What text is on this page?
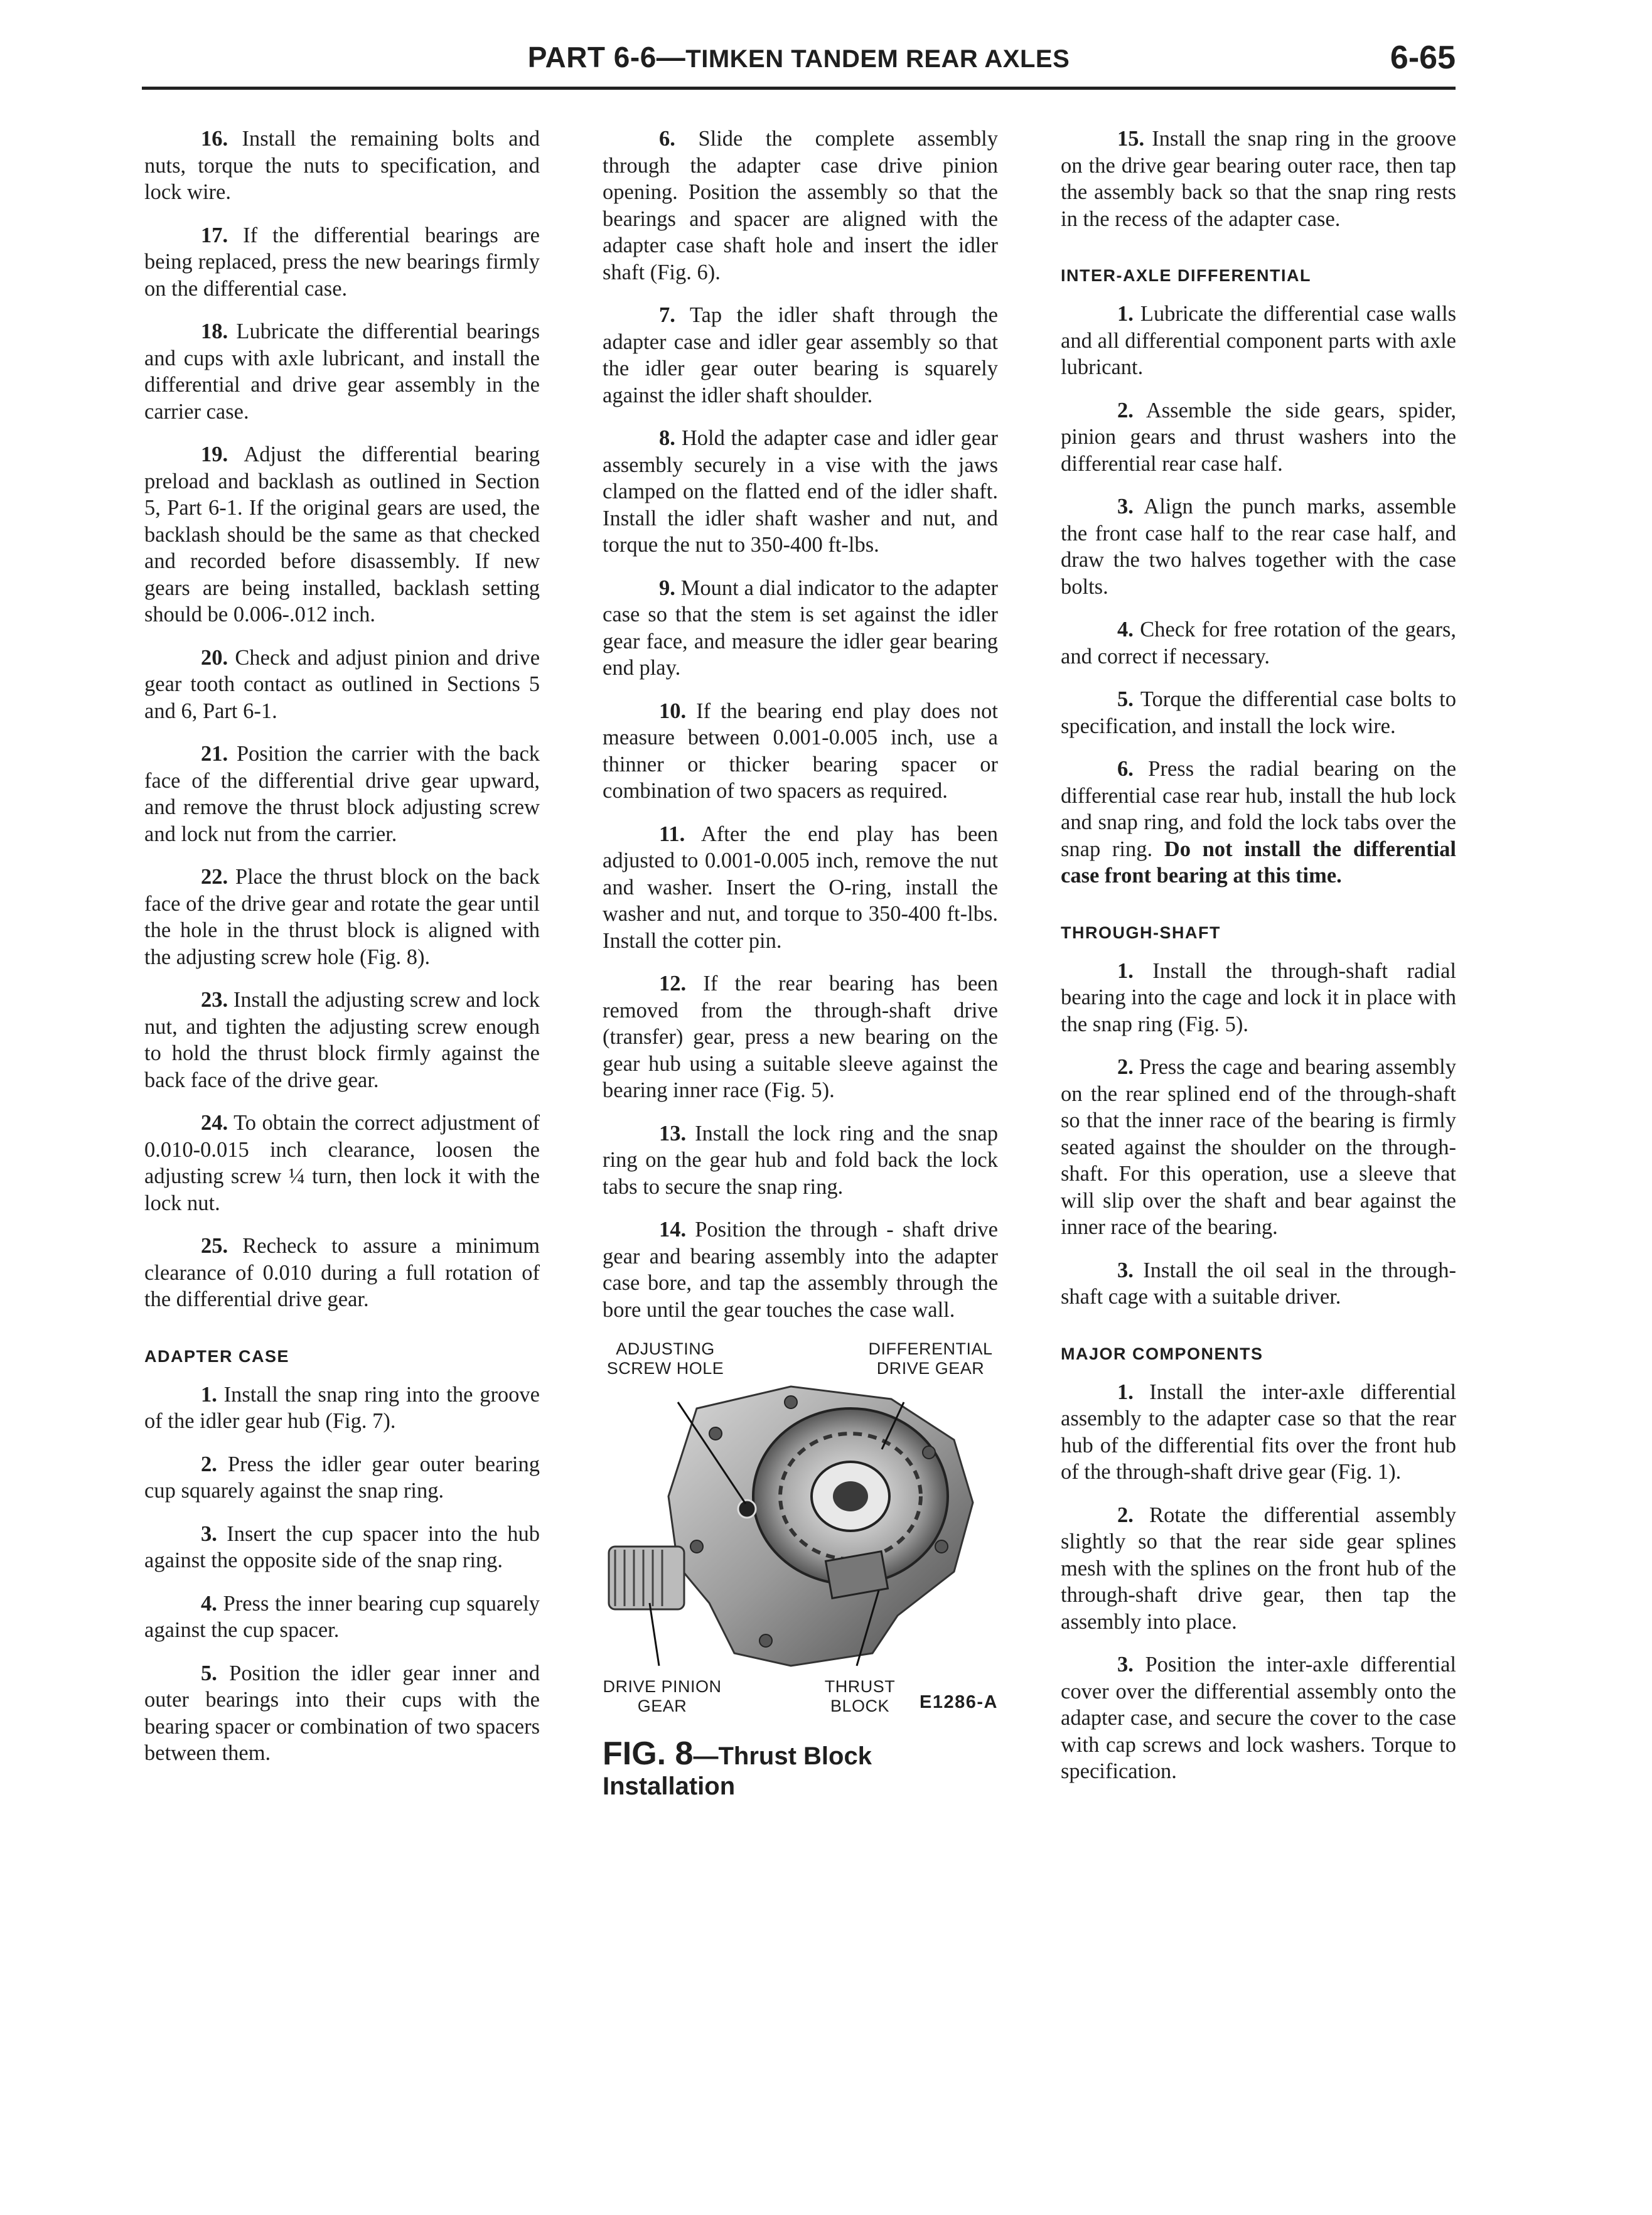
PART 6-6—TIMKEN TANDEM REAR AXLES	6-65

16. Install the remaining bolts and nuts, torque the nuts to specification, and lock wire.

17. If the differential bearings are being replaced, press the new bearings firmly on the differential case.

18. Lubricate the differential bearings and cups with axle lubricant, and install the differential and drive gear assembly in the carrier case.

19. Adjust the differential bearing preload and backlash as outlined in Section 5, Part 6-1. If the original gears are used, the backlash should be the same as that checked and recorded before disassembly. If new gears are being installed, backlash setting should be 0.006-.012 inch.

20. Check and adjust pinion and drive gear tooth contact as outlined in Sections 5 and 6, Part 6-1.

21. Position the carrier with the back face of the differential drive gear upward, and remove the thrust block adjusting screw and lock nut from the carrier.

22. Place the thrust block on the back face of the drive gear and rotate the gear until the hole in the thrust block is aligned with the adjusting screw hole (Fig. 8).

23. Install the adjusting screw and lock nut, and tighten the adjusting screw enough to hold the thrust block firmly against the back face of the drive gear.

24. To obtain the correct adjustment of 0.010-0.015 inch clearance, loosen the adjusting screw ¼ turn, then lock it with the lock nut.

25. Recheck to assure a minimum clearance of 0.010 during a full rotation of the differential drive gear.

ADAPTER CASE

1. Install the snap ring into the groove of the idler gear hub (Fig. 7).

2. Press the idler gear outer bearing cup squarely against the snap ring.

3. Insert the cup spacer into the hub against the opposite side of the snap ring.

4. Press the inner bearing cup squarely against the cup spacer.

5. Position the idler gear inner and outer bearings into their cups with the bearing spacer or combination of two spacers between them.

6. Slide the complete assembly through the adapter case drive pinion opening. Position the assembly so that the bearings and spacer are aligned with the adapter case shaft hole and insert the idler shaft (Fig. 6).

7. Tap the idler shaft through the adapter case and idler gear assembly so that the idler gear outer bearing is squarely against the idler shaft shoulder.

8. Hold the adapter case and idler gear assembly securely in a vise with the jaws clamped on the flatted end of the idler shaft. Install the idler shaft washer and nut, and torque the nut to 350-400 ft-lbs.

9. Mount a dial indicator to the adapter case so that the stem is set against the idler gear face, and measure the idler gear bearing end play.

10. If the bearing end play does not measure between 0.001-0.005 inch, use a thinner or thicker bearing spacer or combination of two spacers as required.

11. After the end play has been adjusted to 0.001-0.005 inch, remove the nut and washer. Insert the O-ring, install the washer and nut, and torque to 350-400 ft-lbs. Install the cotter pin.

12. If the rear bearing has been removed from the through-shaft drive (transfer) gear, press a new bearing on the gear hub using a suitable sleeve against the bearing inner race (Fig. 5).

13. Install the lock ring and the snap ring on the gear hub and fold back the lock tabs to secure the snap ring.

14. Position the through - shaft drive gear and bearing assembly into the adapter case bore, and tap the assembly through the bore until the gear touches the case wall.

ADJUSTING SCREW HOLE
DIFFERENTIAL DRIVE GEAR
DRIVE PINION GEAR
THRUST BLOCK	E1286-A
FIG. 8—Thrust Block Installation

15. Install the snap ring in the groove on the drive gear bearing outer race, then tap the assembly back so that the snap ring rests in the recess of the adapter case.

INTER-AXLE DIFFERENTIAL

1. Lubricate the differential case walls and all differential component parts with axle lubricant.

2. Assemble the side gears, spider, pinion gears and thrust washers into the differential rear case half.

3. Align the punch marks, assemble the front case half to the rear case half, and draw the two halves together with the case bolts.

4. Check for free rotation of the gears, and correct if necessary.

5. Torque the differential case bolts to specification, and install the lock wire.

6. Press the radial bearing on the differential case rear hub, install the hub lock and snap ring, and fold the lock tabs over the snap ring. Do not install the differential case front bearing at this time.

THROUGH-SHAFT

1. Install the through-shaft radial bearing into the cage and lock it in place with the snap ring (Fig. 5).

2. Press the cage and bearing assembly on the rear splined end of the through-shaft so that the inner race of the bearing is firmly seated against the shoulder on the through-shaft. For this operation, use a sleeve that will slip over the shaft and bear against the inner race of the bearing.

3. Install the oil seal in the through-shaft cage with a suitable driver.

MAJOR COMPONENTS

1. Install the inter-axle differential assembly to the adapter case so that the rear hub of the differential fits over the front hub of the through-shaft drive gear (Fig. 1).

2. Rotate the differential assembly slightly so that the rear side gear splines mesh with the splines on the front hub of the through-shaft drive gear, then tap the assembly into place.

3. Position the inter-axle differential cover over the differential assembly onto the adapter case, and secure the cover to the case with cap screws and lock washers. Torque to specification.
